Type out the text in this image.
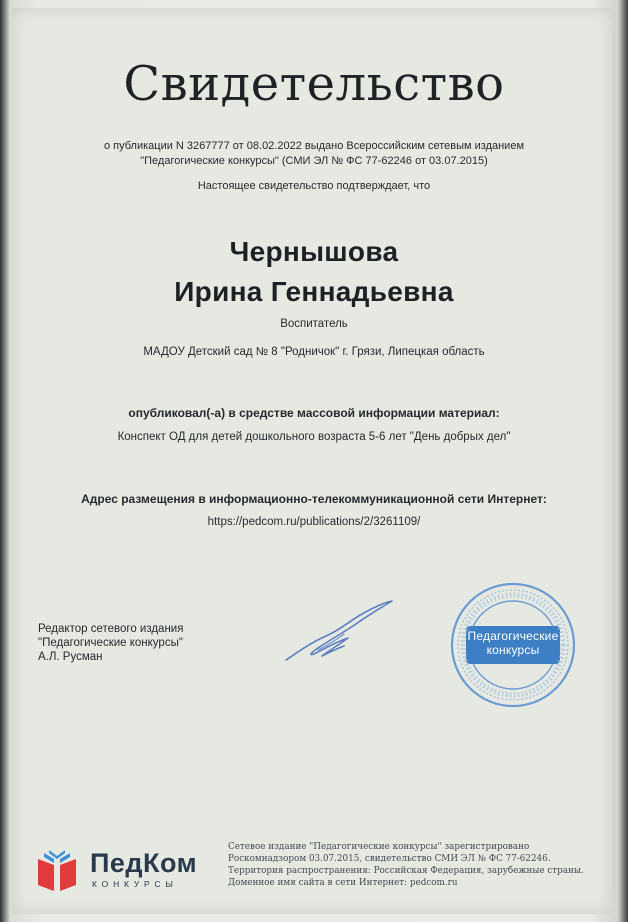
Свидетельство
о публикации N 3267777 от 08.02.2022 выдано Всероссийским сетевым изданием
"Педагогические конкурсы" (СМИ ЭЛ № ФС 77-62246 от 03.07.2015)
Настоящее свидетельство подтверждает, что
Чернышова
Ирина Геннадьевна
Воспитатель
МАДОУ Детский сад № 8 "Родничок" г. Грязи, Липецкая область
опубликовал(-а) в средстве массовой информации материал:
Конспект ОД для детей дошкольного возраста 5-6 лет "День добрых дел"
Адрес размещения в информационно-телекоммуникационной сети Интернет:
https://pedcom.ru/publications/2/3261109/
Редактор сетевого издания
"Педагогические конкурсы"
А.Л. Русман
Педагогические
конкурсы
ПедКом
КОНКУРСЫ
Сетевое издание "Педагогические конкурсы" зарегистрировано
Роскомнадзором 03.07.2015, свидетельство СМИ ЭЛ № ФС 77-62246.
Территория распространения: Российская Федерация, зарубежные страны.
Доменное имя сайта в сети Интернет: pedcom.ru
